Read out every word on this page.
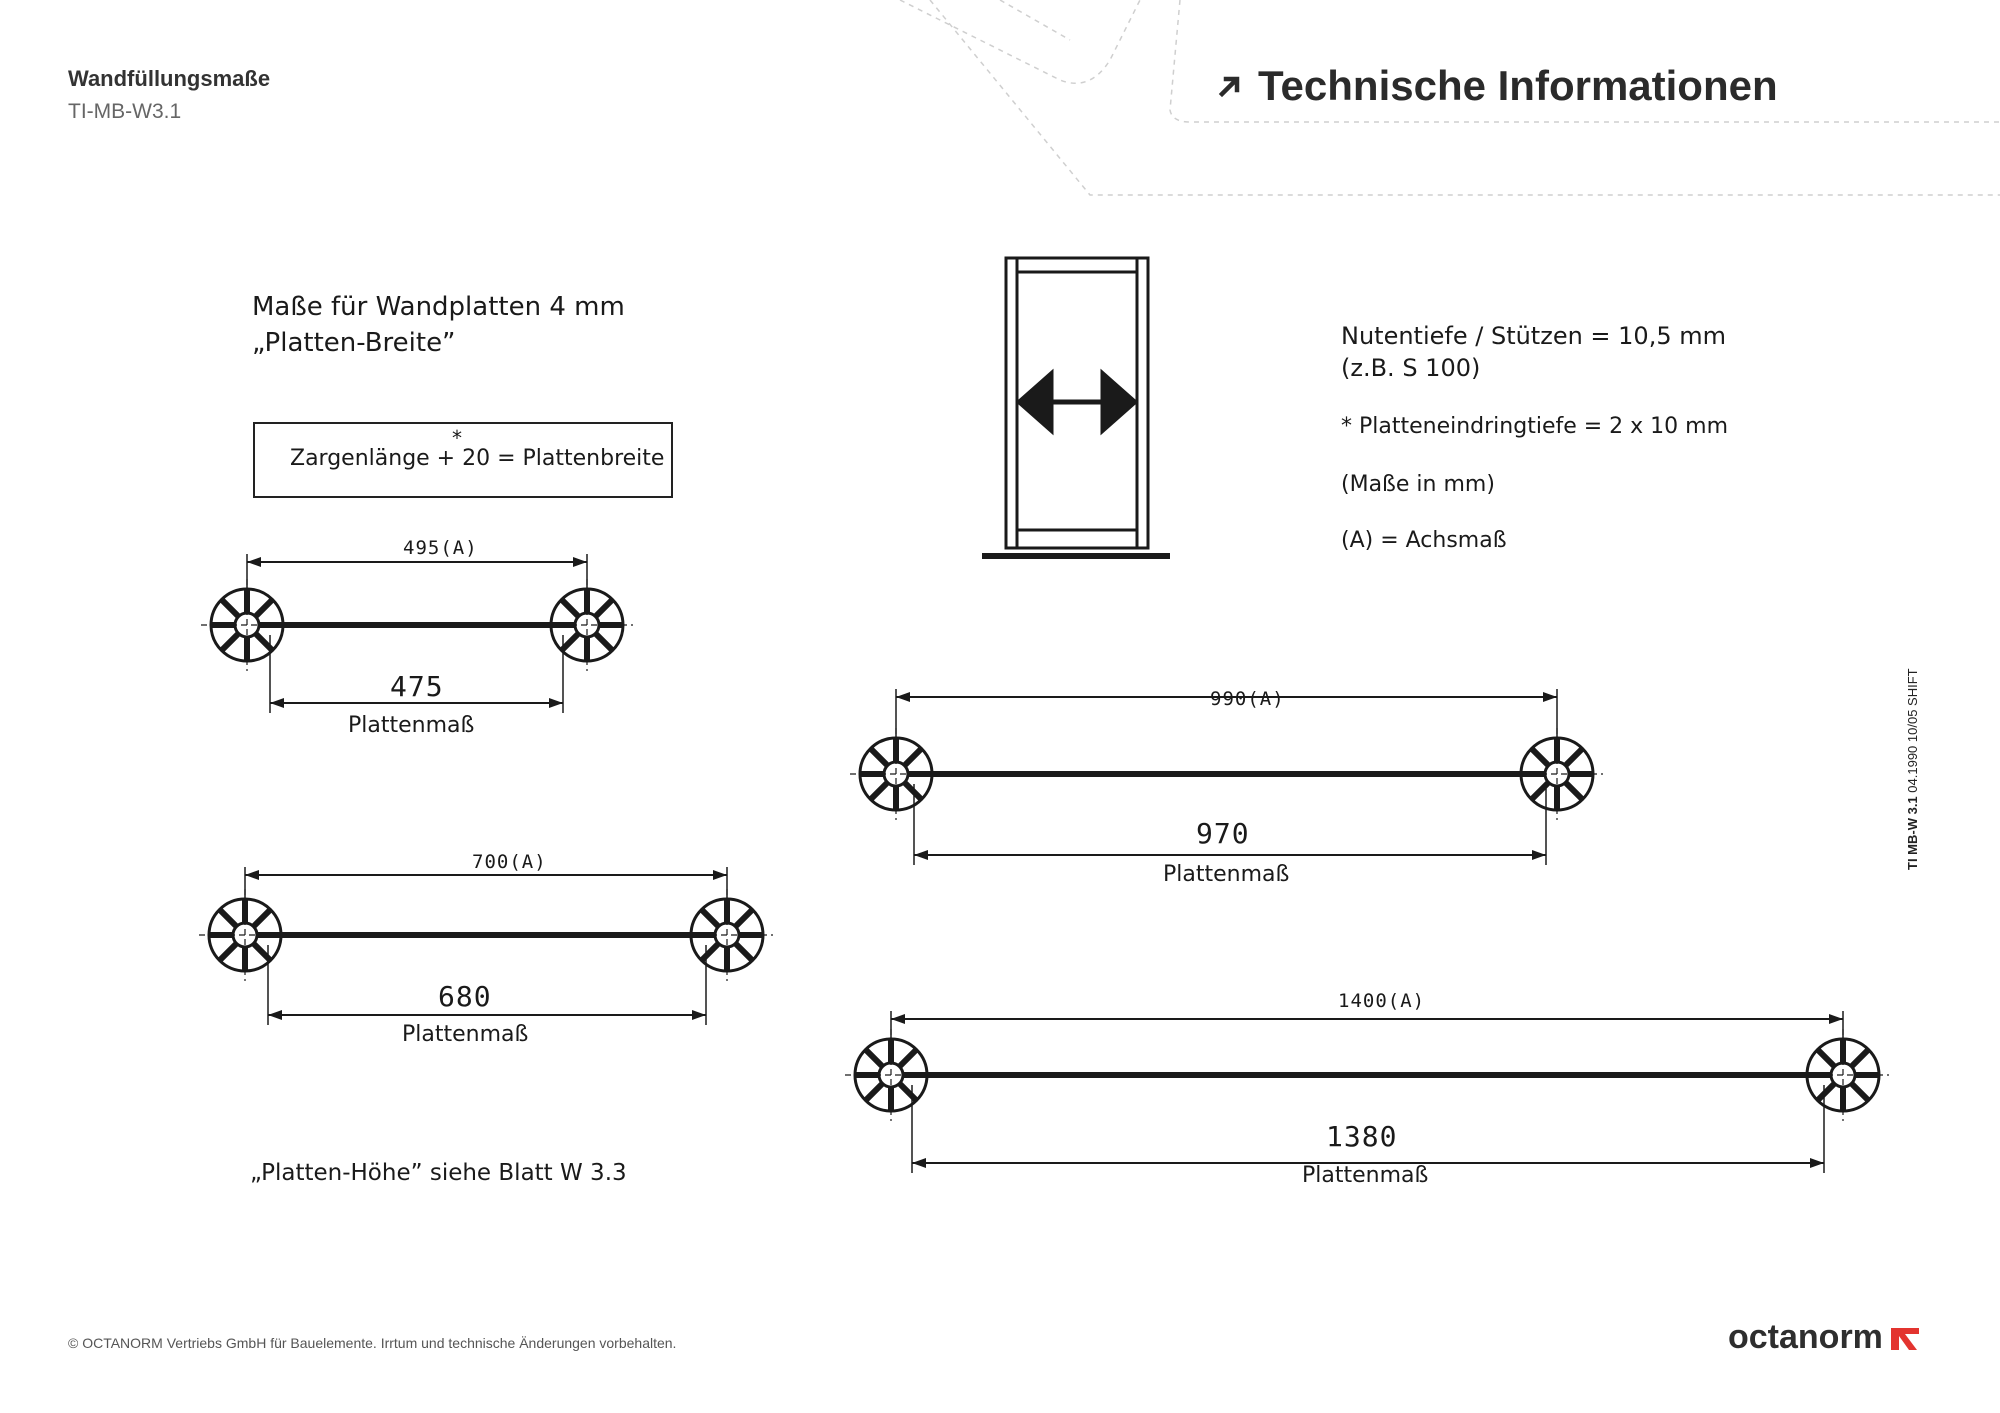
Wandfüllungsmaße
TI-MB-W3.1
Technische Informationen
Maße für Wandplatten 4 mm
„Platten-Breite”
*
Zargenlänge + 20 = Plattenbreite
Nutentiefe / Stützen = 10,5 mm
(z.B. S 100)
* Platteneindringtiefe = 2 x 10 mm
(Maße in mm)
(A) = Achsmaß
495(A)
475
Plattenmaß
700(A)
680
Plattenmaß
990(A)
970
Plattenmaß
1400(A)
1380
Plattenmaß
„Platten-Höhe” siehe Blatt W 3.3
TI MB-W 3.1 04.1990 10/05 SHIFT
© OCTANORM Vertriebs GmbH für Bauelemente. Irrtum und technische Änderungen vorbehalten.	octanorm
